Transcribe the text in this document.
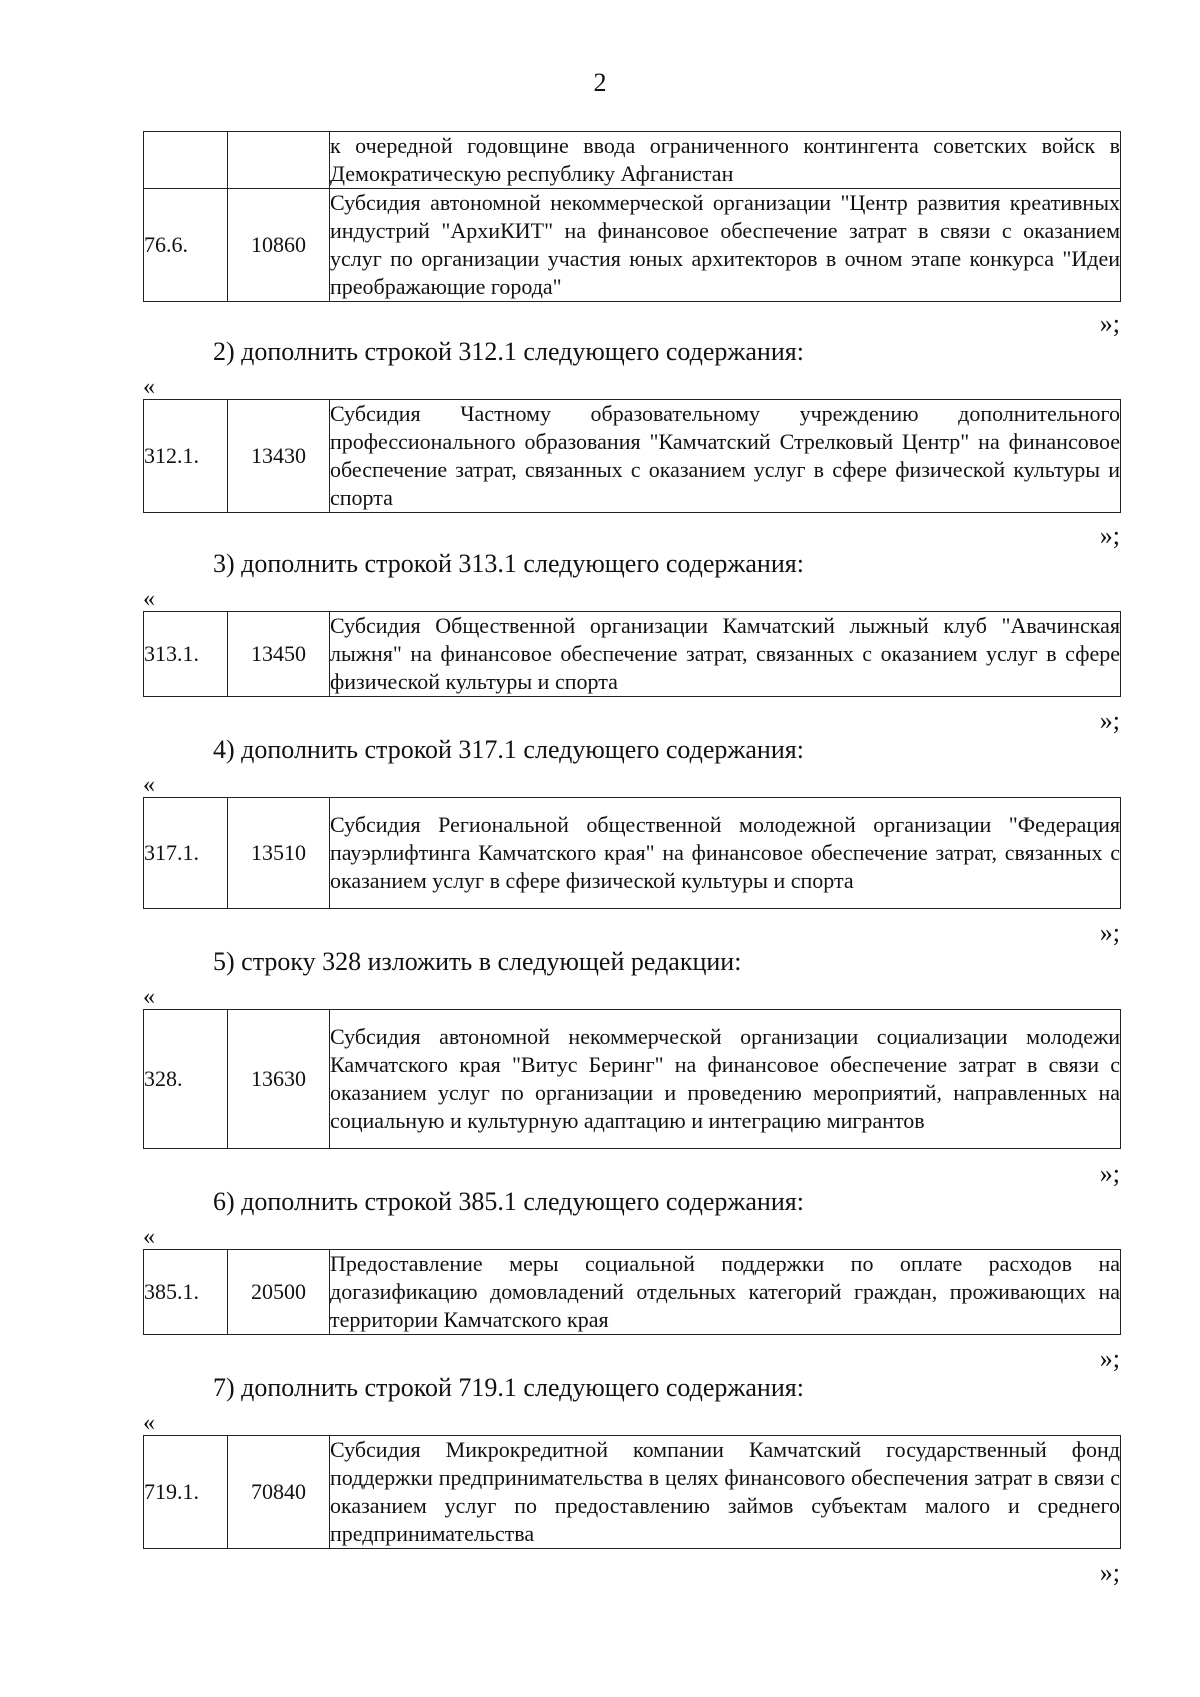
2
		к очередной годовщине ввода ограниченного контингента советских войск в Демократическую республику Афганистан
76.6.	10860	Субсидия автономной некоммерческой организации "Центр развития креативных индустрий "АрхиКИТ" на финансовое обеспечение затрат в связи с оказанием услуг по организации участия юных архитекторов в очном этапе конкурса "Идеи преображающие города"
»;
2) дополнить строкой 312.1 следующего содержания:
«
312.1.	13430	Субсидия Частному образовательному учреждению дополнительного профессионального образования "Камчатский Стрелковый Центр" на финансовое обеспечение затрат, связанных с оказанием услуг в сфере физической культуры и спорта
»;
3) дополнить строкой 313.1 следующего содержания:
«
313.1.	13450	Субсидия Общественной организации Камчатский лыжный клуб "Авачинская лыжня" на финансовое обеспечение затрат, связанных с оказанием услуг в сфере физической культуры и спорта
»;
4) дополнить строкой 317.1 следующего содержания:
«
317.1.	13510	Субсидия Региональной общественной молодежной организации "Федерация пауэрлифтинга Камчатского края" на финансовое обеспечение затрат, связанных с оказанием услуг в сфере физической культуры и спорта
»;
5) строку 328 изложить в следующей редакции:
«
328.	13630	Субсидия автономной некоммерческой организации социализации молодежи Камчатского края "Витус Беринг" на финансовое обеспечение затрат в связи с оказанием услуг по организации и проведению мероприятий, направленных на социальную и культурную адаптацию и интеграцию мигрантов
»;
6) дополнить строкой 385.1 следующего содержания:
«
385.1.	20500	Предоставление меры социальной поддержки по оплате расходов на догазификацию домовладений отдельных категорий граждан, проживающих на территории Камчатского края
»;
7) дополнить строкой 719.1 следующего содержания:
«
719.1.	70840	Субсидия Микрокредитной компании Камчатский государственный фонд поддержки предпринимательства в целях финансового обеспечения затрат в связи с оказанием услуг по предоставлению займов субъектам малого и среднего предпринимательства
»;
